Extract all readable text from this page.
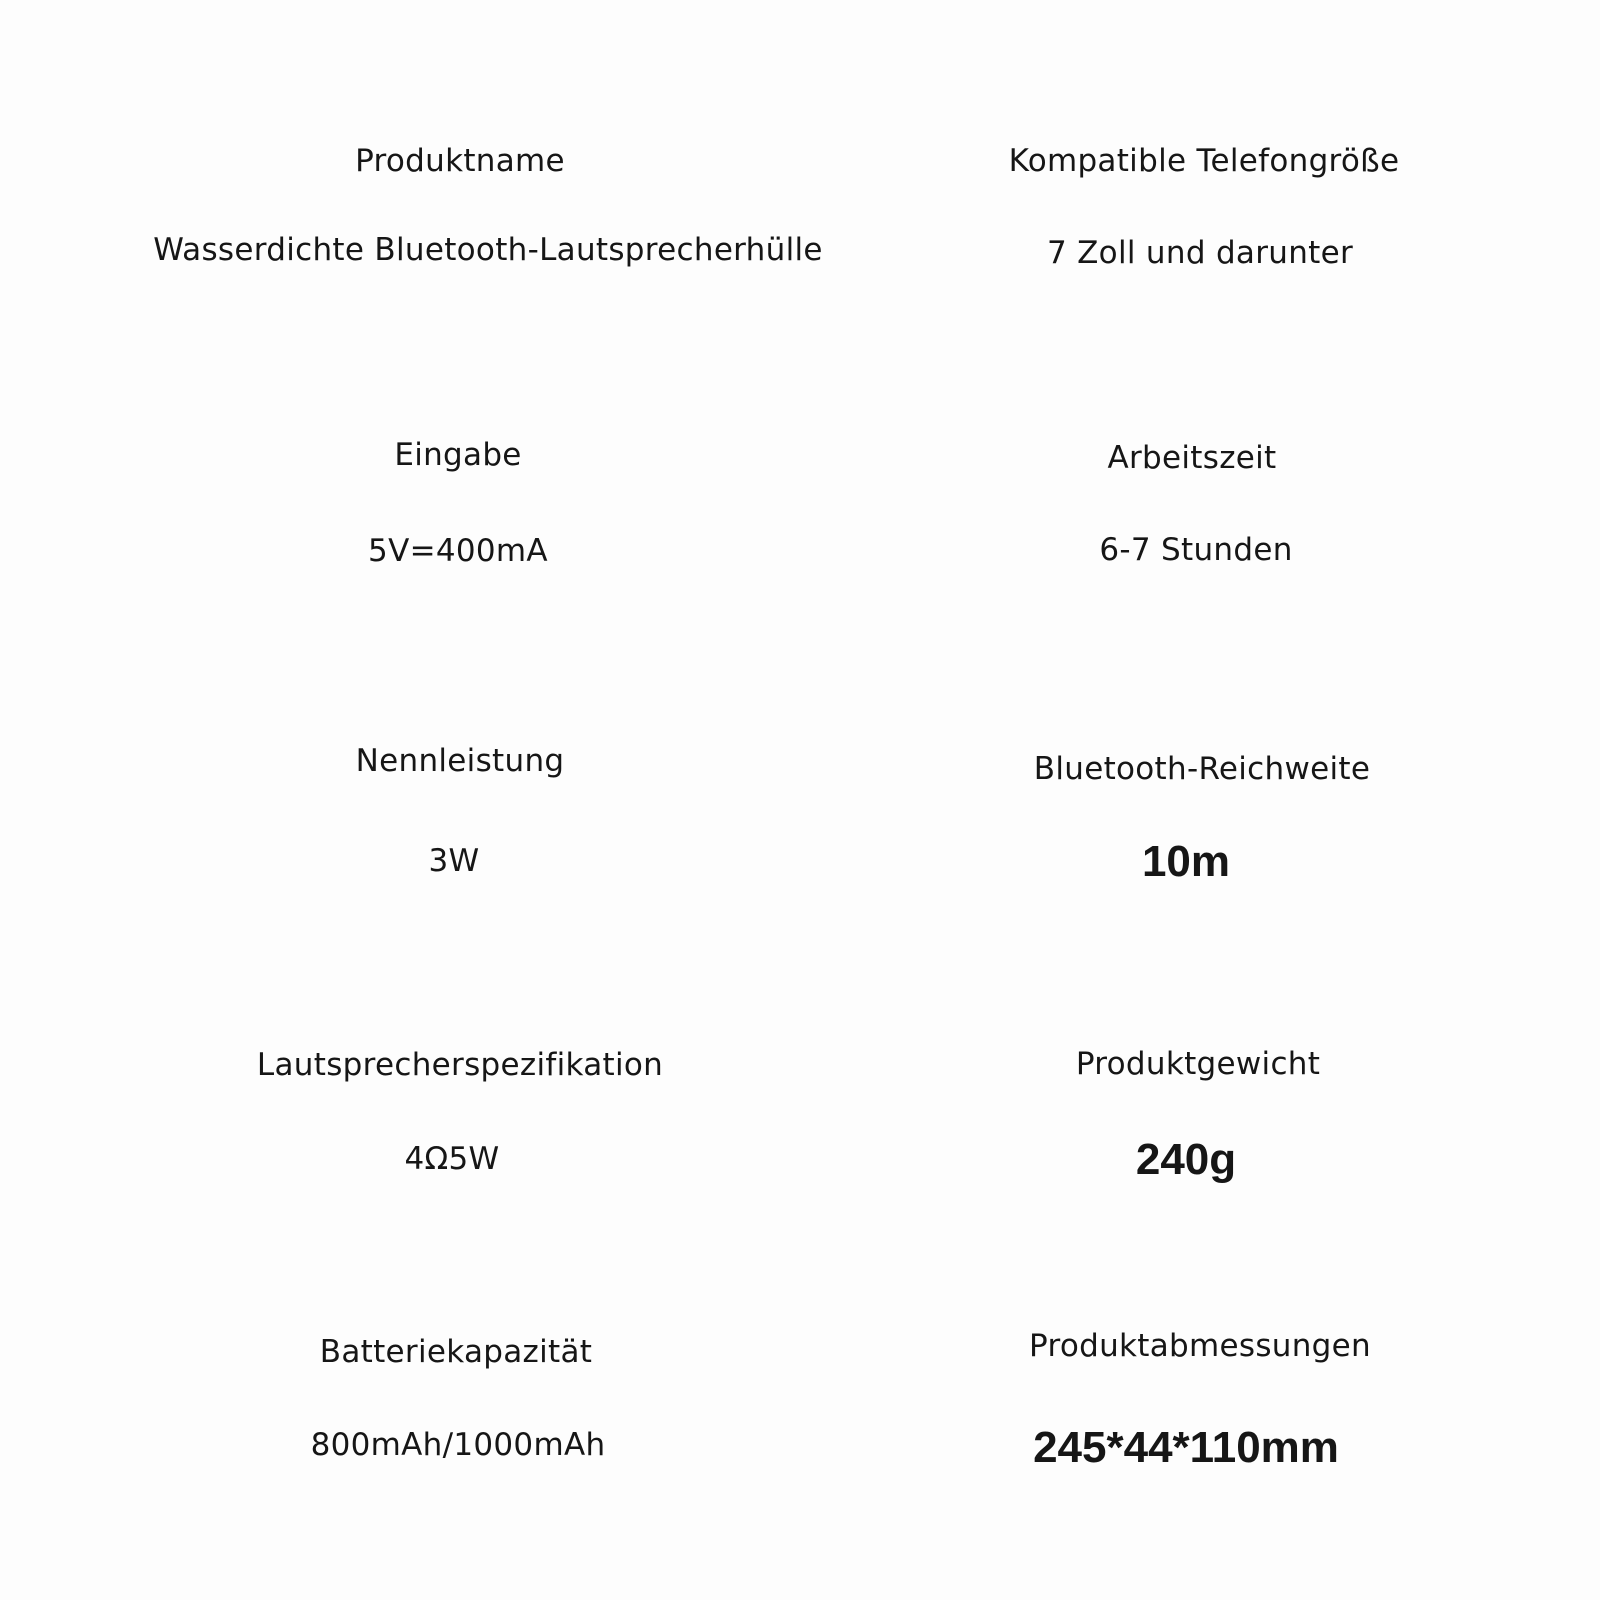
Produktname
Wasserdichte Bluetooth-Lautsprecherhülle
Eingabe
5V=400mA
Nennleistung
3W
Lautsprecherspezifikation
4Ω5W
Batteriekapazität
800mAh/1000mAh
Kompatible Telefongröße
7 Zoll und darunter
Arbeitszeit
6-7 Stunden
Bluetooth-Reichweite
10m
Produktgewicht
240g
Produktabmessungen
245*44*110mm
